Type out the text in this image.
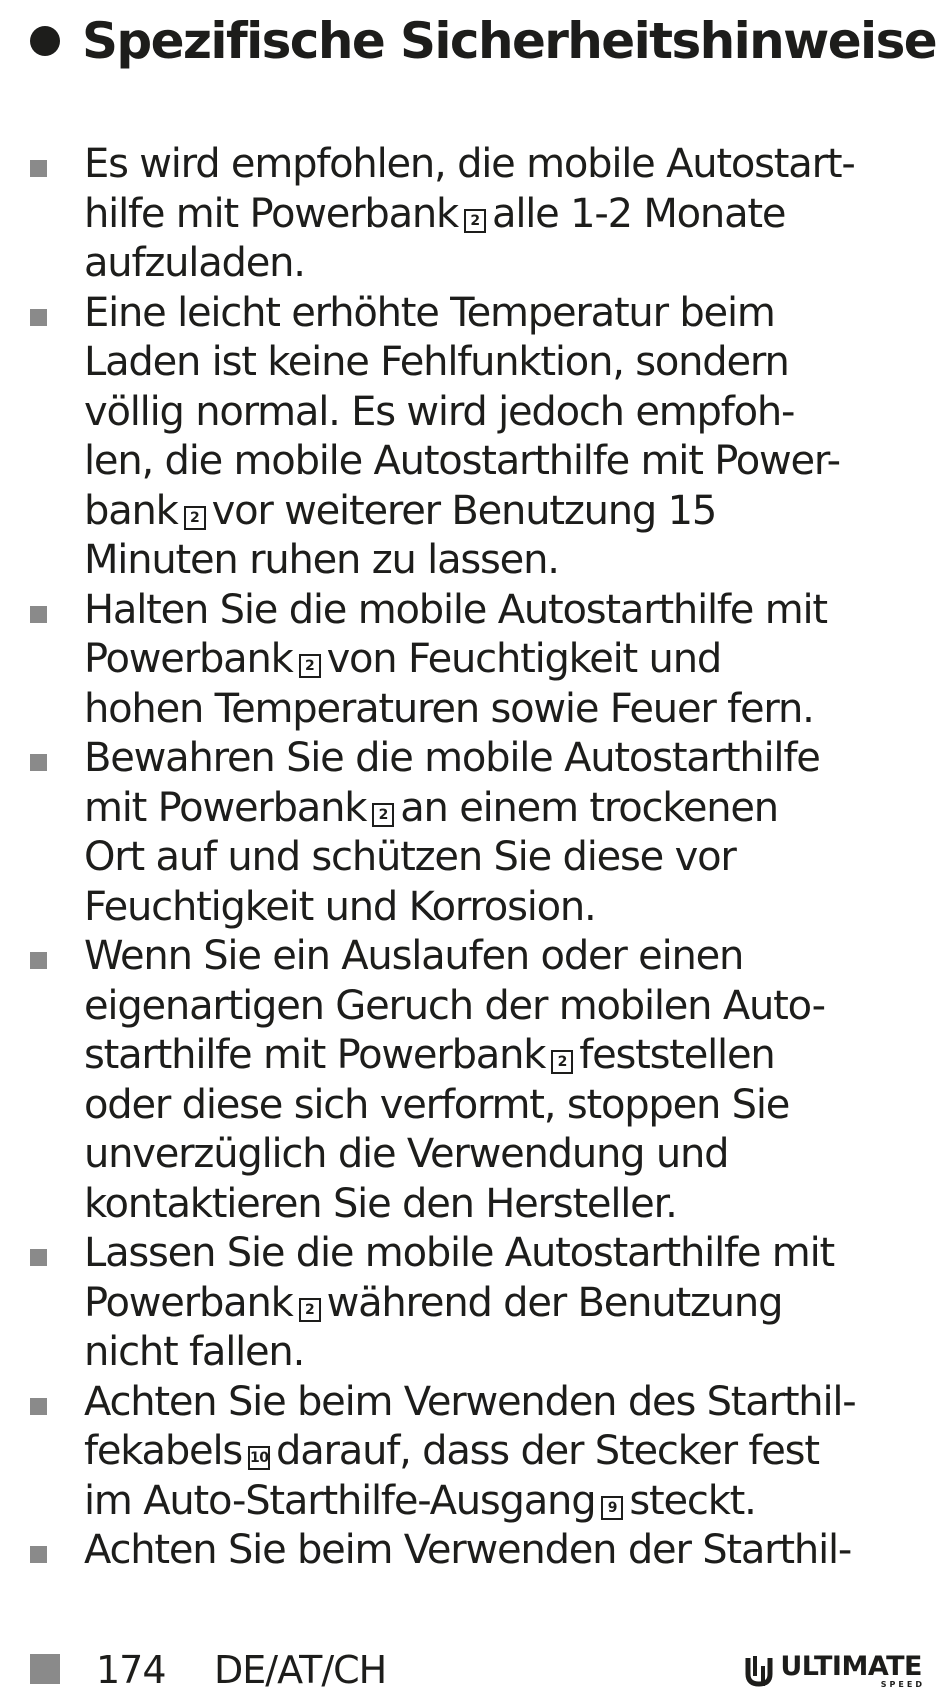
Spezifische Sicherheitshinweise
Es wird empfohlen, die mobile Autostart-
hilfe mit Powerbank 2 alle 1-2 Monate
aufzuladen.
Eine leicht erhöhte Temperatur beim
Laden ist keine Fehlfunktion, sondern
völlig normal. Es wird jedoch empfoh-
len, die mobile Autostarthilfe mit Power-
bank 2 vor weiterer Benutzung 15
Minuten ruhen zu lassen.
Halten Sie die mobile Autostarthilfe mit
Powerbank 2 von Feuchtigkeit und
hohen Temperaturen sowie Feuer fern.
Bewahren Sie die mobile Autostarthilfe
mit Powerbank 2 an einem trockenen
Ort auf und schützen Sie diese vor
Feuchtigkeit und Korrosion.
Wenn Sie ein Auslaufen oder einen
eigenartigen Geruch der mobilen Auto-
starthilfe mit Powerbank 2 feststellen
oder diese sich verformt, stoppen Sie
unverzüglich die Verwendung und
kontaktieren Sie den Hersteller.
Lassen Sie die mobile Autostarthilfe mit
Powerbank 2 während der Benutzung
nicht fallen.
Achten Sie beim Verwenden des Starthil-
fekabels 10 darauf, dass der Stecker fest
im Auto-Starthilfe-Ausgang 9 steckt.
Achten Sie beim Verwenden der Starthil-
174 DE/AT/CH	ULTIMATE
SPEED
